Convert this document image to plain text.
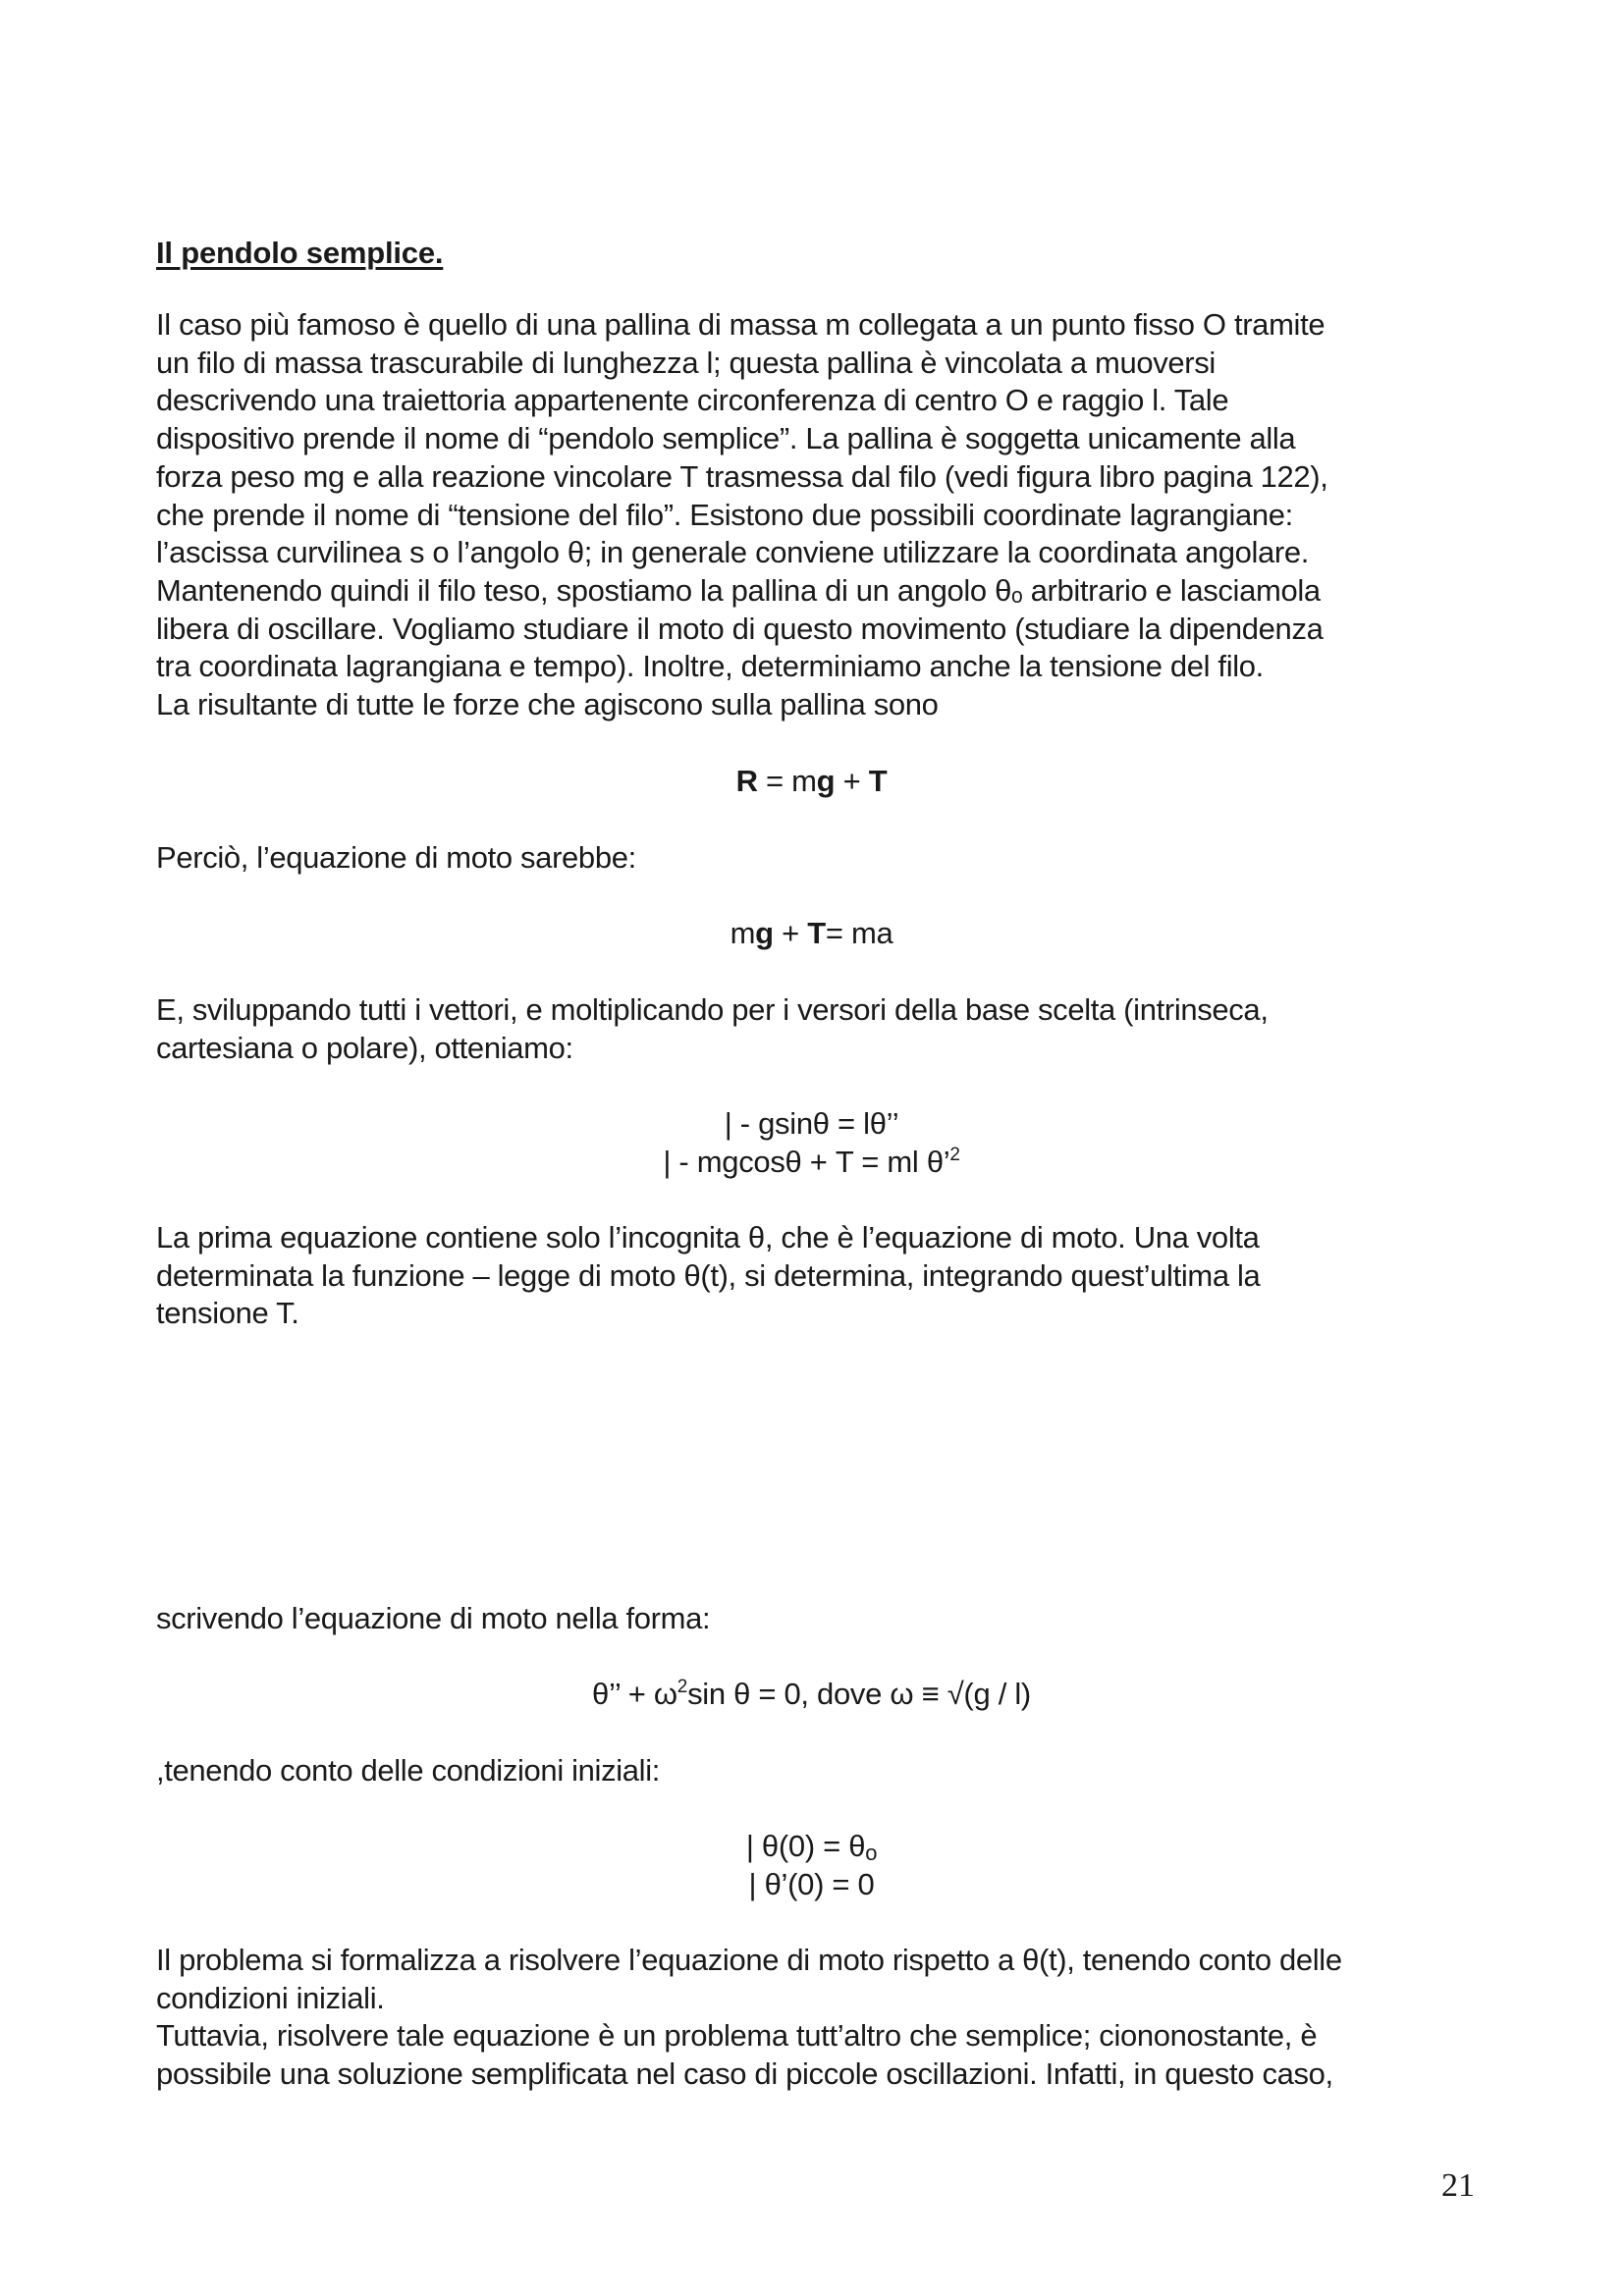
Il pendolo semplice.
Il caso più famoso è quello di una pallina di massa m collegata a un punto fisso O tramite
un filo di massa trascurabile di lunghezza l; questa pallina è vincolata a muoversi
descrivendo una traiettoria appartenente circonferenza di centro O e raggio l. Tale
dispositivo prende il nome di “pendolo semplice”. La pallina è soggetta unicamente alla
forza peso mg e alla reazione vincolare T trasmessa dal filo (vedi figura libro pagina 122),
che prende il nome di “tensione del filo”. Esistono due possibili coordinate lagrangiane:
l’ascissa curvilinea s o l’angolo θ; in generale conviene utilizzare la coordinata angolare.
Mantenendo quindi il filo teso, spostiamo la pallina di un angolo θₒ arbitrario e lasciamola
libera di oscillare. Vogliamo studiare il moto di questo movimento (studiare la dipendenza
tra coordinata lagrangiana e tempo). Inoltre, determiniamo anche la tensione del filo.
La risultante di tutte le forze che agiscono sulla pallina sono
R = mg + T
Perciò, l’equazione di moto sarebbe:
mg + T= ma
E, sviluppando tutti i vettori, e moltiplicando per i versori della base scelta (intrinseca,
cartesiana o polare), otteniamo:
| - gsinθ = lθ’’
| - mgcosθ + T = ml θ’$^2$
La prima equazione contiene solo l’incognita θ, che è l’equazione di moto. Una volta
determinata la funzione – legge di moto θ(t), si determina, integrando quest’ultima la
tensione T.
scrivendo l’equazione di moto nella forma:
θ’’ + $\omega^2\sin$ θ = 0, dove ω ≡ √(g / l)
,tenendo conto delle condizioni iniziali:
| $\theta(0) = \theta_o$
| θ’(0) = 0
Il problema si formalizza a risolvere l’equazione di moto rispetto a θ(t), tenendo conto delle
condizioni iniziali.
Tuttavia, risolvere tale equazione è un problema tutt’altro che semplice; ciononostante, è
possibile una soluzione semplificata nel caso di piccole oscillazioni. Infatti, in questo caso,
21
